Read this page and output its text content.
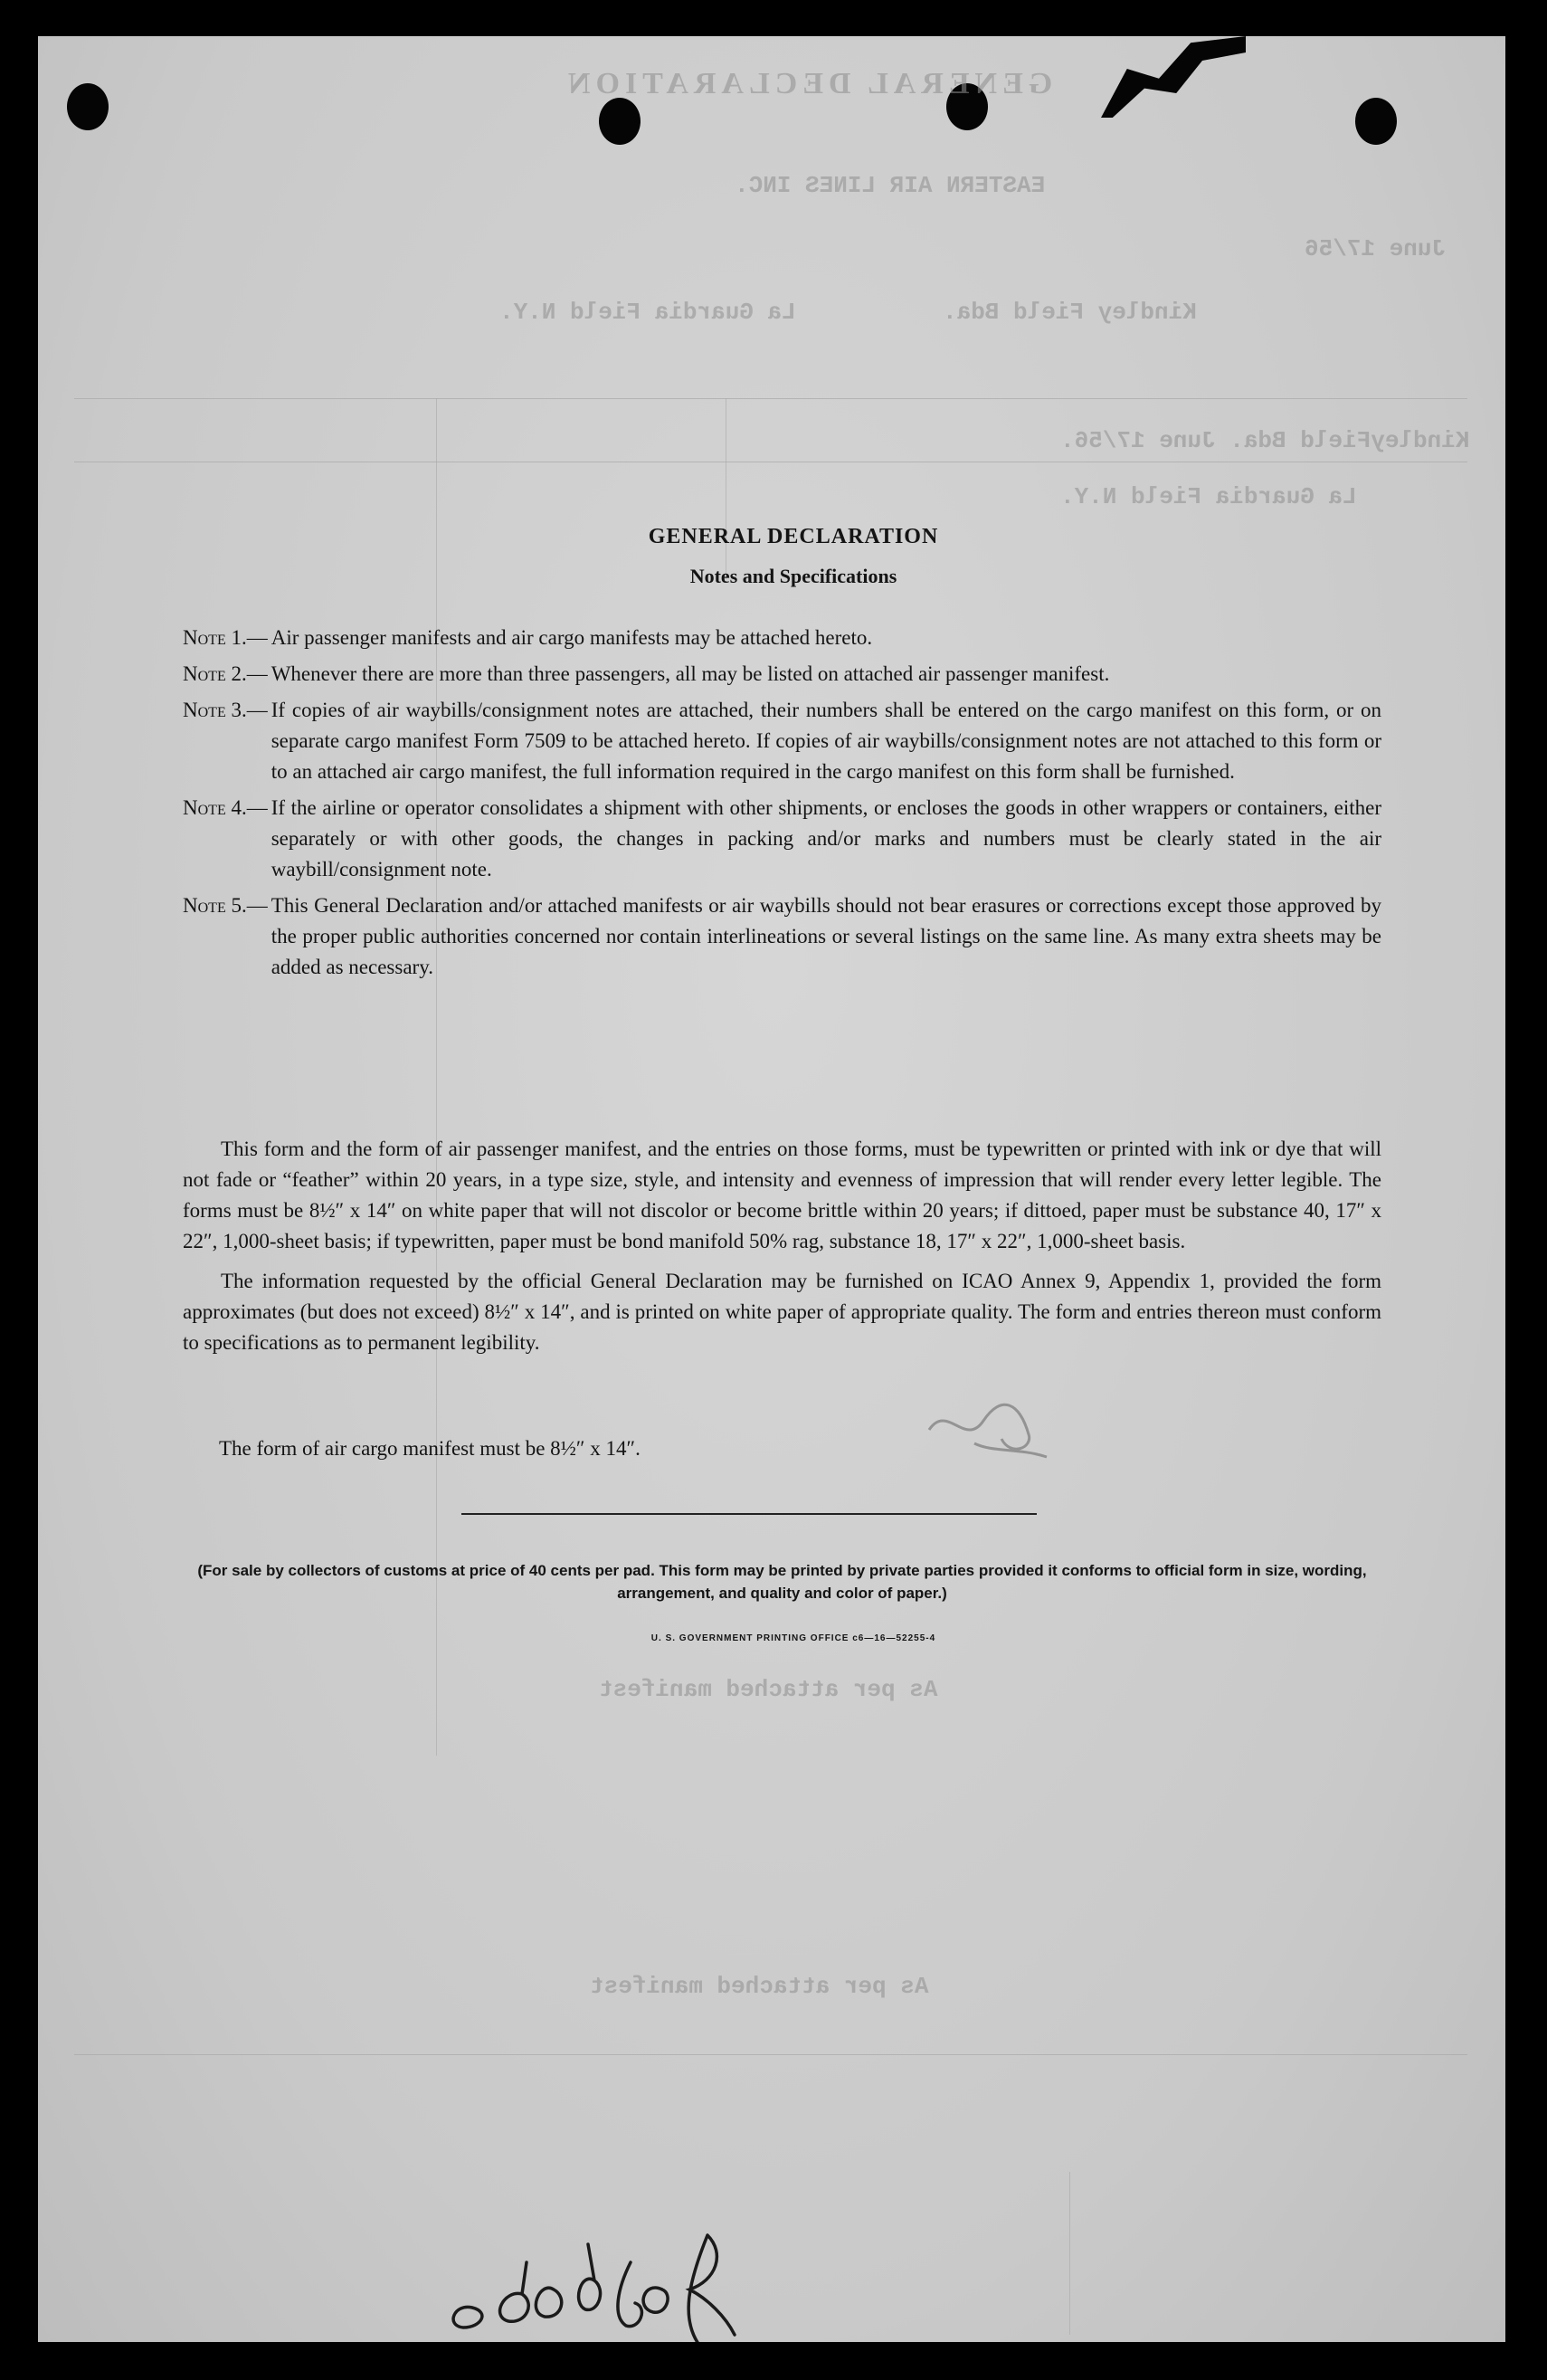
GENERAL DECLARATION
EASTERN AIR LINES INC.
June 17/56
Kindley Field Bda.
La Guardia Field N.Y.
KindleyField Bda. June 17/56.
La Guardia Field N.Y.
As per attached manifest
As per attached manifest
GENERAL DECLARATION
Notes and Specifications
Note 1.— Air passenger manifests and air cargo manifests may be attached hereto.
Note 2.— Whenever there are more than three passengers, all may be listed on attached air passenger manifest.
Note 3.— If copies of air waybills/consignment notes are attached, their numbers shall be entered on the cargo manifest on this form, or on separate cargo manifest Form 7509 to be attached hereto. If copies of air waybills/consignment notes are not attached to this form or to an attached air cargo manifest, the full information required in the cargo manifest on this form shall be furnished.
Note 4.— If the airline or operator consolidates a shipment with other shipments, or encloses the goods in other wrappers or containers, either separately or with other goods, the changes in packing and/or marks and numbers must be clearly stated in the air waybill/consignment note.
Note 5.— This General Declaration and/or attached manifests or air waybills should not bear erasures or corrections except those approved by the proper public authorities concerned nor contain interlineations or several listings on the same line. As many extra sheets may be added as necessary.

This form and the form of air passenger manifest, and the entries on those forms, must be typewritten or printed with ink or dye that will not fade or “feather” within 20 years, in a type size, style, and intensity and evenness of impression that will render every letter legible. The forms must be 8½″ x 14″ on white paper that will not discolor or become brittle within 20 years; if dittoed, paper must be substance 40, 17″ x 22″, 1,000-sheet basis; if typewritten, paper must be bond manifold 50% rag, substance 18, 17″ x 22″, 1,000-sheet basis.

The information requested by the official General Declaration may be furnished on ICAO Annex 9, Appendix 1, provided the form approximates (but does not exceed) 8½″ x 14″, and is printed on white paper of appropriate quality. The form and entries thereon must conform to specifications as to permanent legibility.

The form of air cargo manifest must be 8½″ x 14″.
(For sale by collectors of customs at price of 40 cents per pad. This form may be printed by private parties provided it conforms to official form in size, wording, arrangement, and quality and color of paper.)
U. S. GOVERNMENT PRINTING OFFICE c6—16—52255-4
